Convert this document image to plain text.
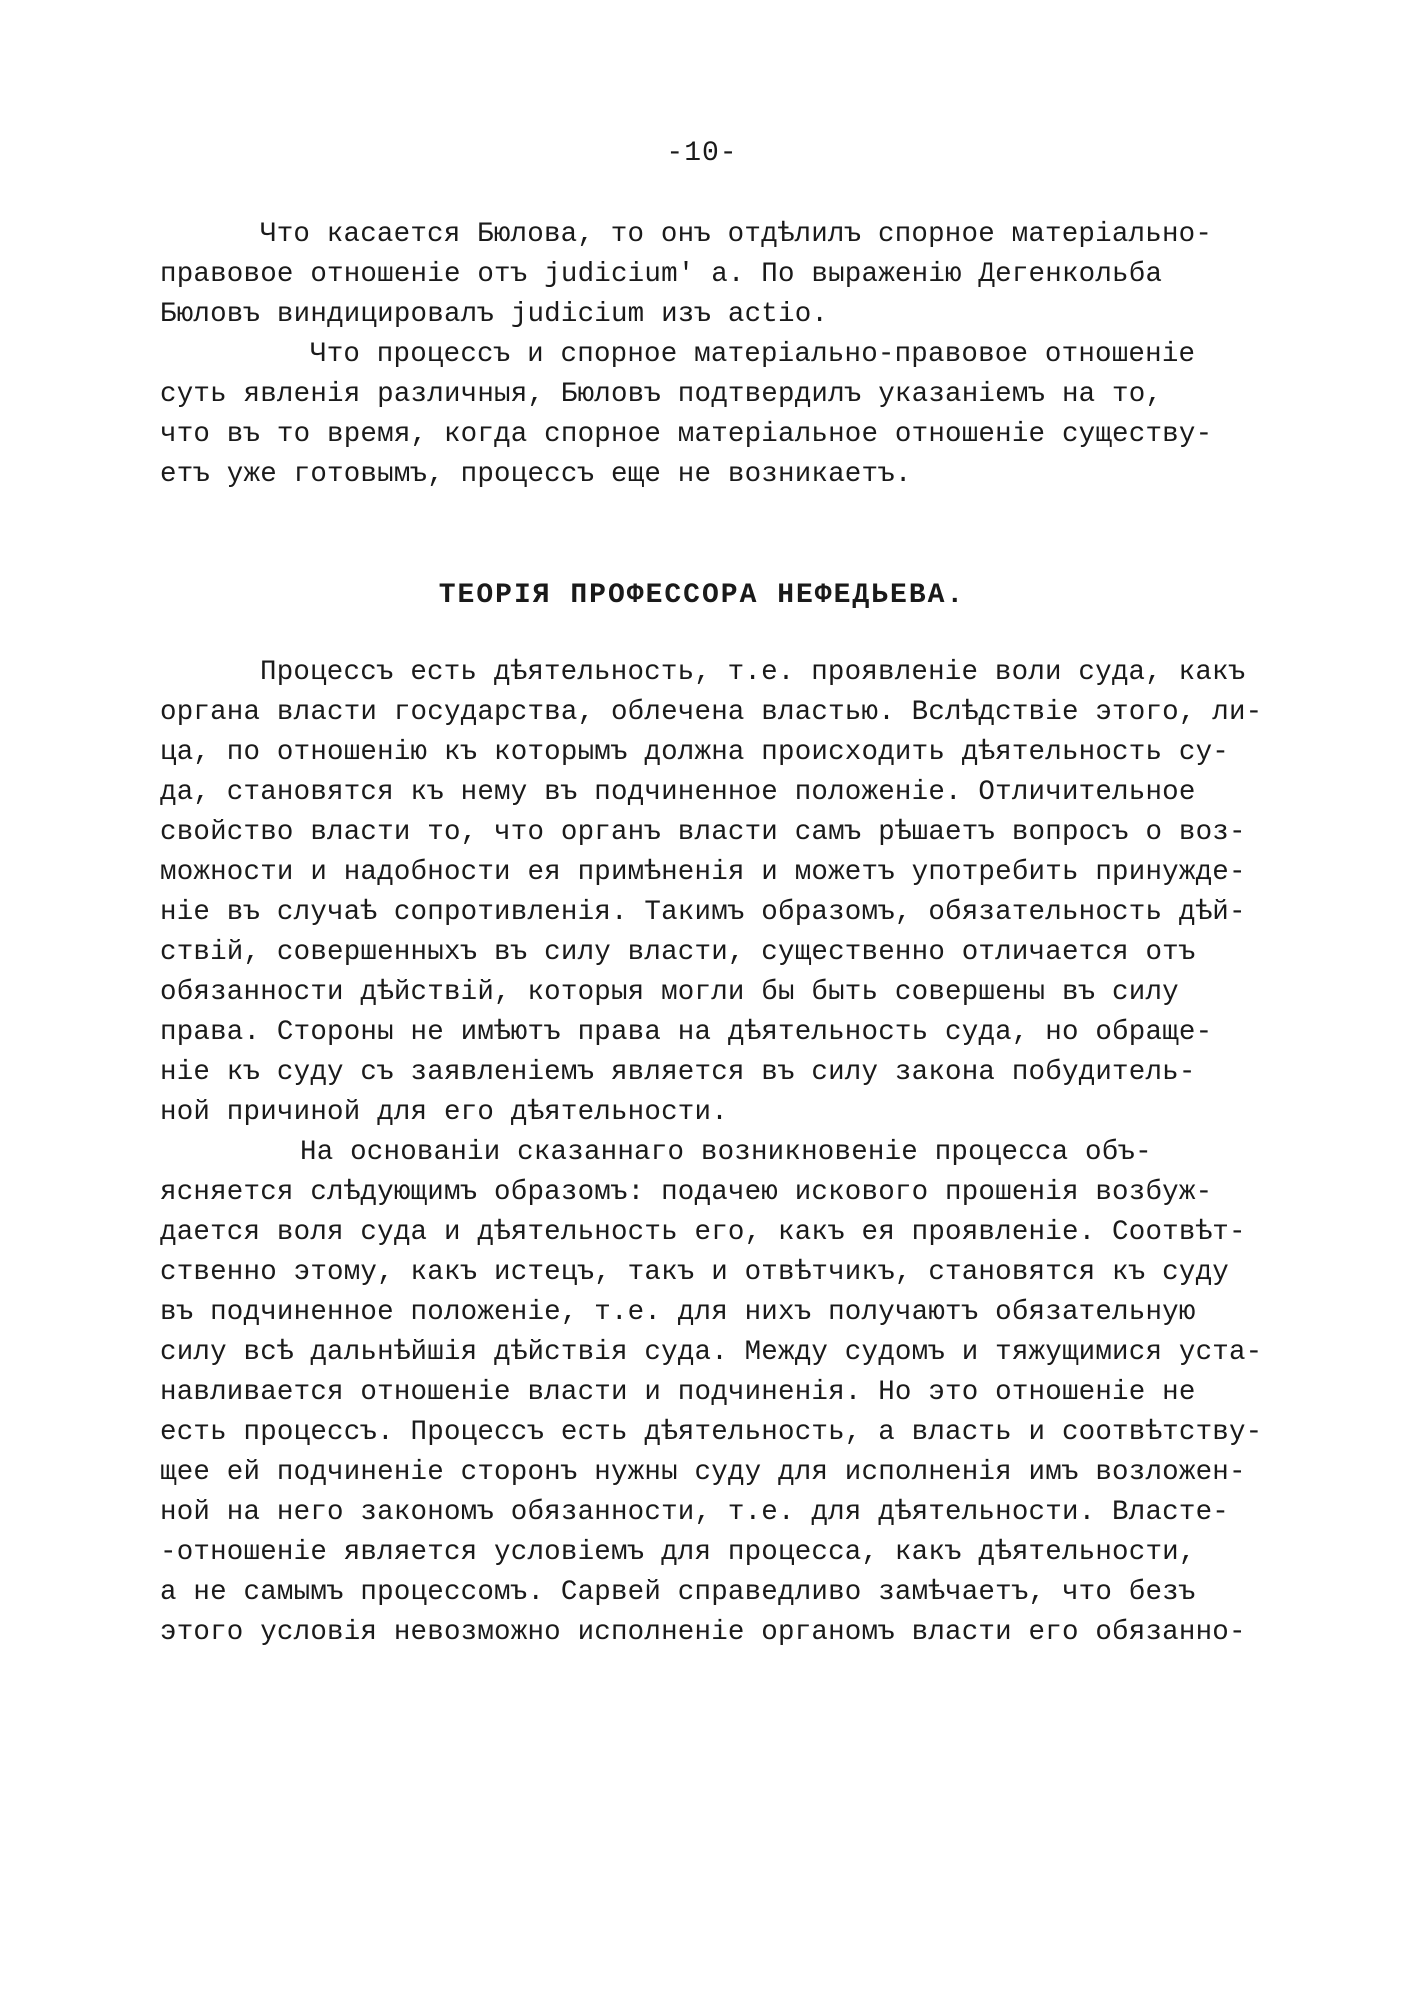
-10-
Что касается Бюлова, то онъ отдѣлилъ спорное матеріально-
правовое отношеніе отъ judicium' а. По выраженію Дегенкольба
Бюловъ виндицировалъ judicium изъ actio.
Что процессъ и спорное матеріально-правовое отношеніе
суть явленія различныя, Бюловъ подтвердилъ указаніемъ на то,
что въ то время, когда спорное матеріальное отношеніе существу-
етъ уже готовымъ, процессъ еще не возникаетъ.
ТЕОРІЯ ПРОФЕССОРА НЕФЕДЬЕВА.
Процессъ есть дѣятельность, т.е. проявленіе воли суда, какъ
органа власти государства, облечена властью. Вслѣдствіе этого, ли-
ца, по отношенію къ которымъ должна происходить дѣятельность су-
да, становятся къ нему въ подчиненное положеніе. Отличительное
свойство власти то, что органъ власти самъ рѣшаетъ вопросъ о воз-
можности и надобности ея примѣненія и можетъ употребить принужде-
ніе въ случаѣ сопротивленія. Такимъ образомъ, обязательность дѣй-
ствій, совершенныхъ въ силу власти, существенно отличается отъ
обязанности дѣйствій, которыя могли бы быть совершены въ силу
права. Стороны не имѣютъ права на дѣятельность суда, но обраще-
ніе къ суду съ заявленіемъ является въ силу закона побудитель-
ной причиной для его дѣятельности.
На основаніи сказаннаго возникновеніе процесса объ-
ясняется слѣдующимъ образомъ: подачею искового прошенія возбуж-
дается воля суда и дѣятельность его, какъ ея проявленіе. Соотвѣт-
ственно этому, какъ истецъ, такъ и отвѣтчикъ, становятся къ суду
въ подчиненное положеніе, т.е. для нихъ получаютъ обязательную
силу всѣ дальнѣйшія дѣйствія суда. Между судомъ и тяжущимися уста-
навливается отношеніе власти и подчиненія. Но это отношеніе не
есть процессъ. Процессъ есть дѣятельность, а власть и соотвѣтству-
щее ей подчиненіе сторонъ нужны суду для исполненія имъ возложен-
ной на него закономъ обязанности, т.е. для дѣятельности. Власте-
-отношеніе является условіемъ для процесса, какъ дѣятельности,
а не самымъ процессомъ. Сарвей справедливо замѣчаетъ, что безъ
этого условія невозможно исполненіе органомъ власти его обязанно-
